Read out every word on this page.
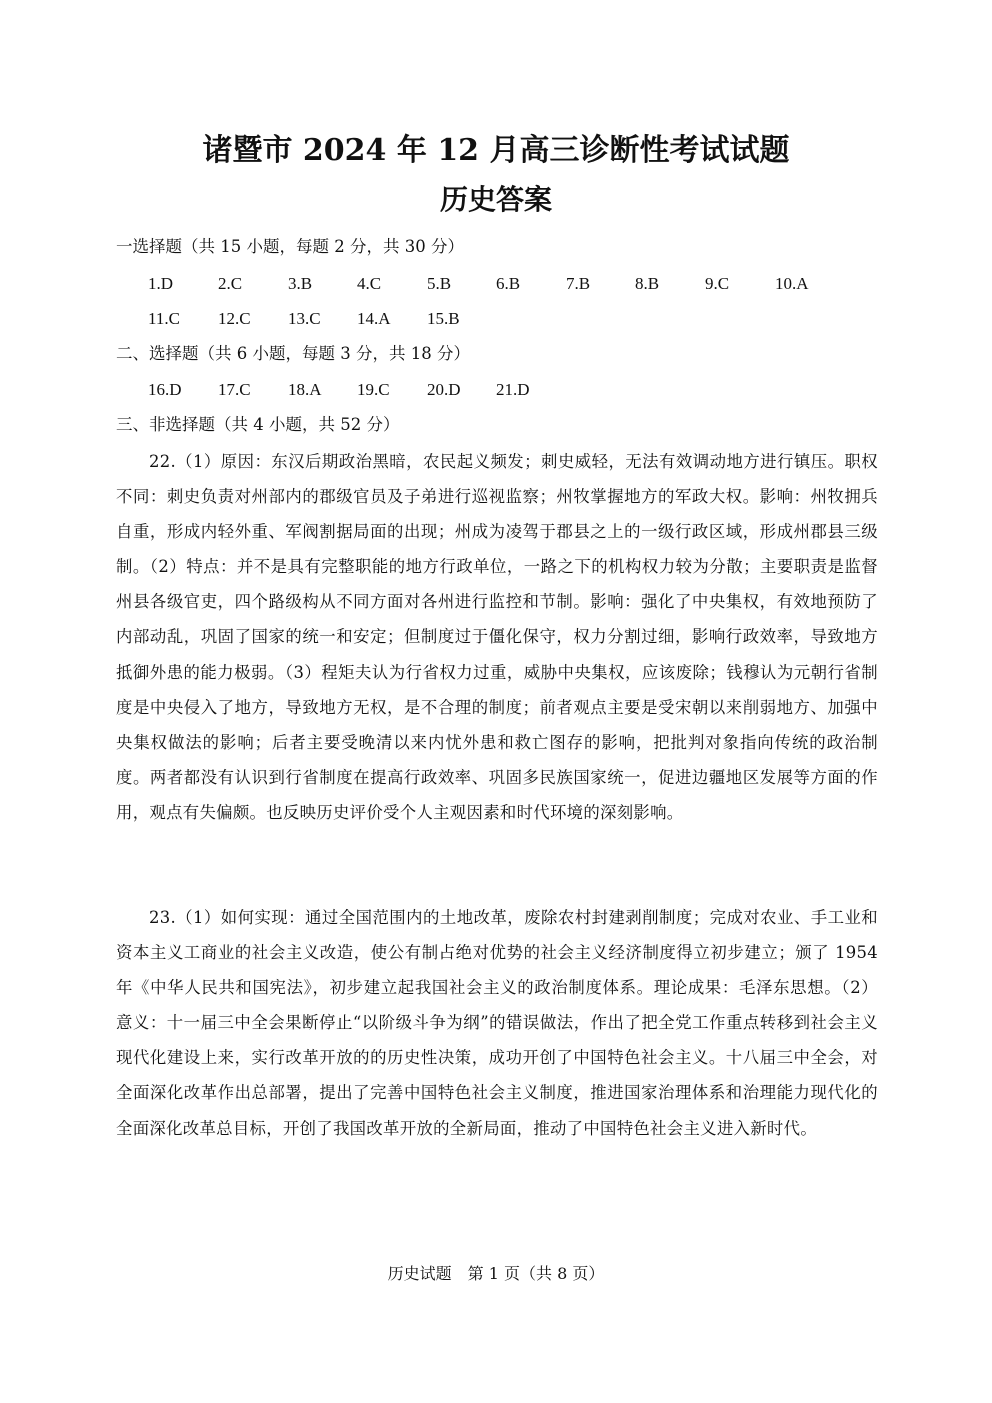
诸暨市 2024 年 12 月高三诊断性考试试题
历史答案
一选择题（共 15 小题，每题 2 分，共 30 分）
1.D	2.C	3.B	4.C	5.B	6.B	7.B	8.B	9.C	10.A
11.C 12.C 13.C 14.A 15.B
二、选择题（共 6 小题，每题 3 分，共 18 分）
16.D 17.C 18.A 19.C 20.D 21.D
三、非选择题（共 4 小题，共 52 分）
22.（1）原因：东汉后期政治黑暗，农民起义频发；刺史威轻，无法有效调动地方进行镇压。职权不同：刺史负责对州部内的郡级官员及子弟进行巡视监察；州牧掌握地方的军政大权。影响：州牧拥兵自重，形成内轻外重、军阀割据局面的出现；州成为凌驾于郡县之上的一级行政区域，形成州郡县三级制。（2）特点：并不是具有完整职能的地方行政单位，一路之下的机构权力较为分散；主要职责是监督州县各级官吏，四个路级构从不同方面对各州进行监控和节制。影响：强化了中央集权，有效地预防了内部动乱，巩固了国家的统一和安定；但制度过于僵化保守，权力分割过细，影响行政效率，导致地方抵御外患的能力极弱。（3）程矩夫认为行省权力过重，威胁中央集权，应该废除；钱穆认为元朝行省制度是中央侵入了地方，导致地方无权，是不合理的制度；前者观点主要是受宋朝以来削弱地方、加强中央集权做法的影响；后者主要受晚清以来内忧外患和救亡图存的影响，把批判对象指向传统的政治制度。两者都没有认识到行省制度在提高行政效率、巩固多民族国家统一，促进边疆地区发展等方面的作用，观点有失偏颇。也反映历史评价受个人主观因素和时代环境的深刻影响。
23.（1）如何实现：通过全国范围内的土地改革，废除农村封建剥削制度；完成对农业、手工业和资本主义工商业的社会主义改造，使公有制占绝对优势的社会主义经济制度得立初步建立；颁了 1954 年《中华人民共和国宪法》，初步建立起我国社会主义的政治制度体系。理论成果：毛泽东思想。（2）意义：十一届三中全会果断停止“以阶级斗争为纲”的错误做法，作出了把全党工作重点转移到社会主义现代化建设上来，实行改革开放的的历史性决策，成功开创了中国特色社会主义。十八届三中全会，对全面深化改革作出总部署，提出了完善中国特色社会主义制度，推进国家治理体系和治理能力现代化的全面深化改革总目标，开创了我国改革开放的全新局面，推动了中国特色社会主义进入新时代。
历史试题　第 1 页（共 8 页）
